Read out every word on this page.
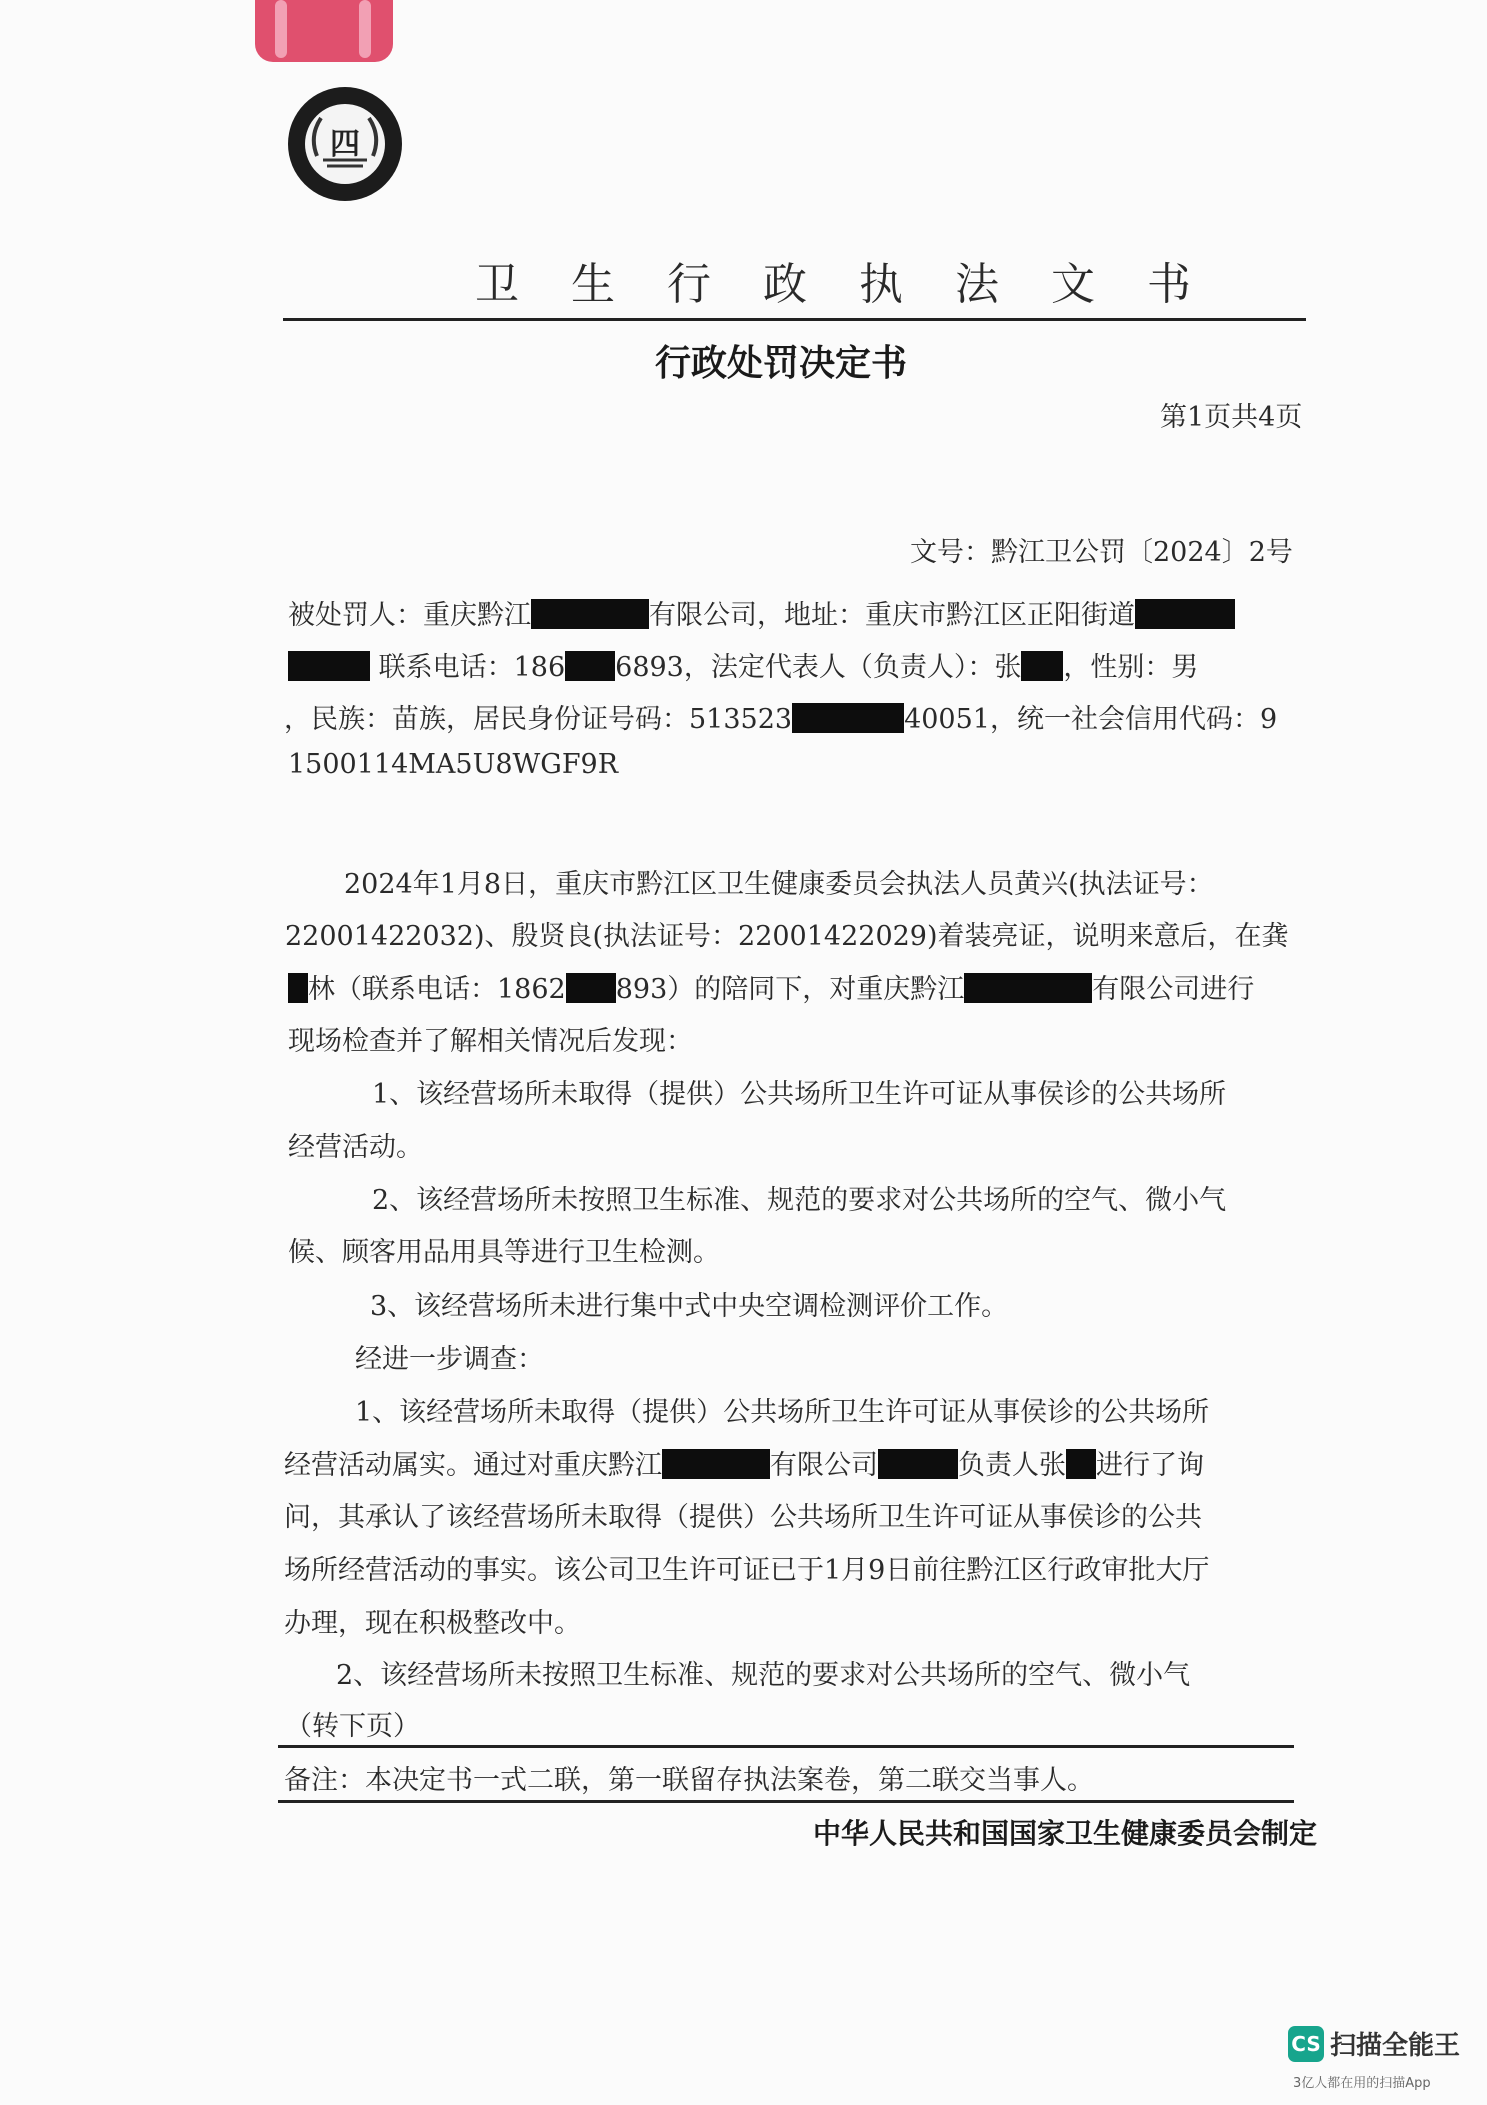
四
卫生行政执法文书
行政处罚决定书
第1页共4页
文号：黔江卫公罚〔2024〕2号
被处罚人：重庆黔江	有限公司，地址：重庆市黔江区正阳街道
联系电话：186 6893，法定代表人（负责人）：张 ，性别：男
，民族：苗族，居民身份证号码：513523	40051，统一社会信用代码：9
1500114MA5U8WGF9R
2024年1月8日，重庆市黔江区卫生健康委员会执法人员黄兴(执法证号：
22001422032)、殷贤良(执法证号：22001422029)着装亮证，说明来意后，在龚
林（联系电话：1862 893）的陪同下，对重庆黔江	有限公司进行
现场检查并了解相关情况后发现：
1、该经营场所未取得（提供）公共场所卫生许可证从事侯诊的公共场所
经营活动。
2、该经营场所未按照卫生标准、规范的要求对公共场所的空气、微小气
候、顾客用品用具等进行卫生检测。
3、该经营场所未进行集中式中央空调检测评价工作。
经进一步调查：
1、该经营场所未取得（提供）公共场所卫生许可证从事侯诊的公共场所
经营活动属实。通过对重庆黔江	有限公司	负责人张 进行了询
问，其承认了该经营场所未取得（提供）公共场所卫生许可证从事侯诊的公共
场所经营活动的事实。该公司卫生许可证已于1月9日前往黔江区行政审批大厅
办理，现在积极整改中。
2、该经营场所未按照卫生标准、规范的要求对公共场所的空气、微小气
（转下页）
备注：本决定书一式二联，第一联留存执法案卷，第二联交当事人。
中华人民共和国国家卫生健康委员会制定
CS 扫描全能王
3亿人都在用的扫描App
